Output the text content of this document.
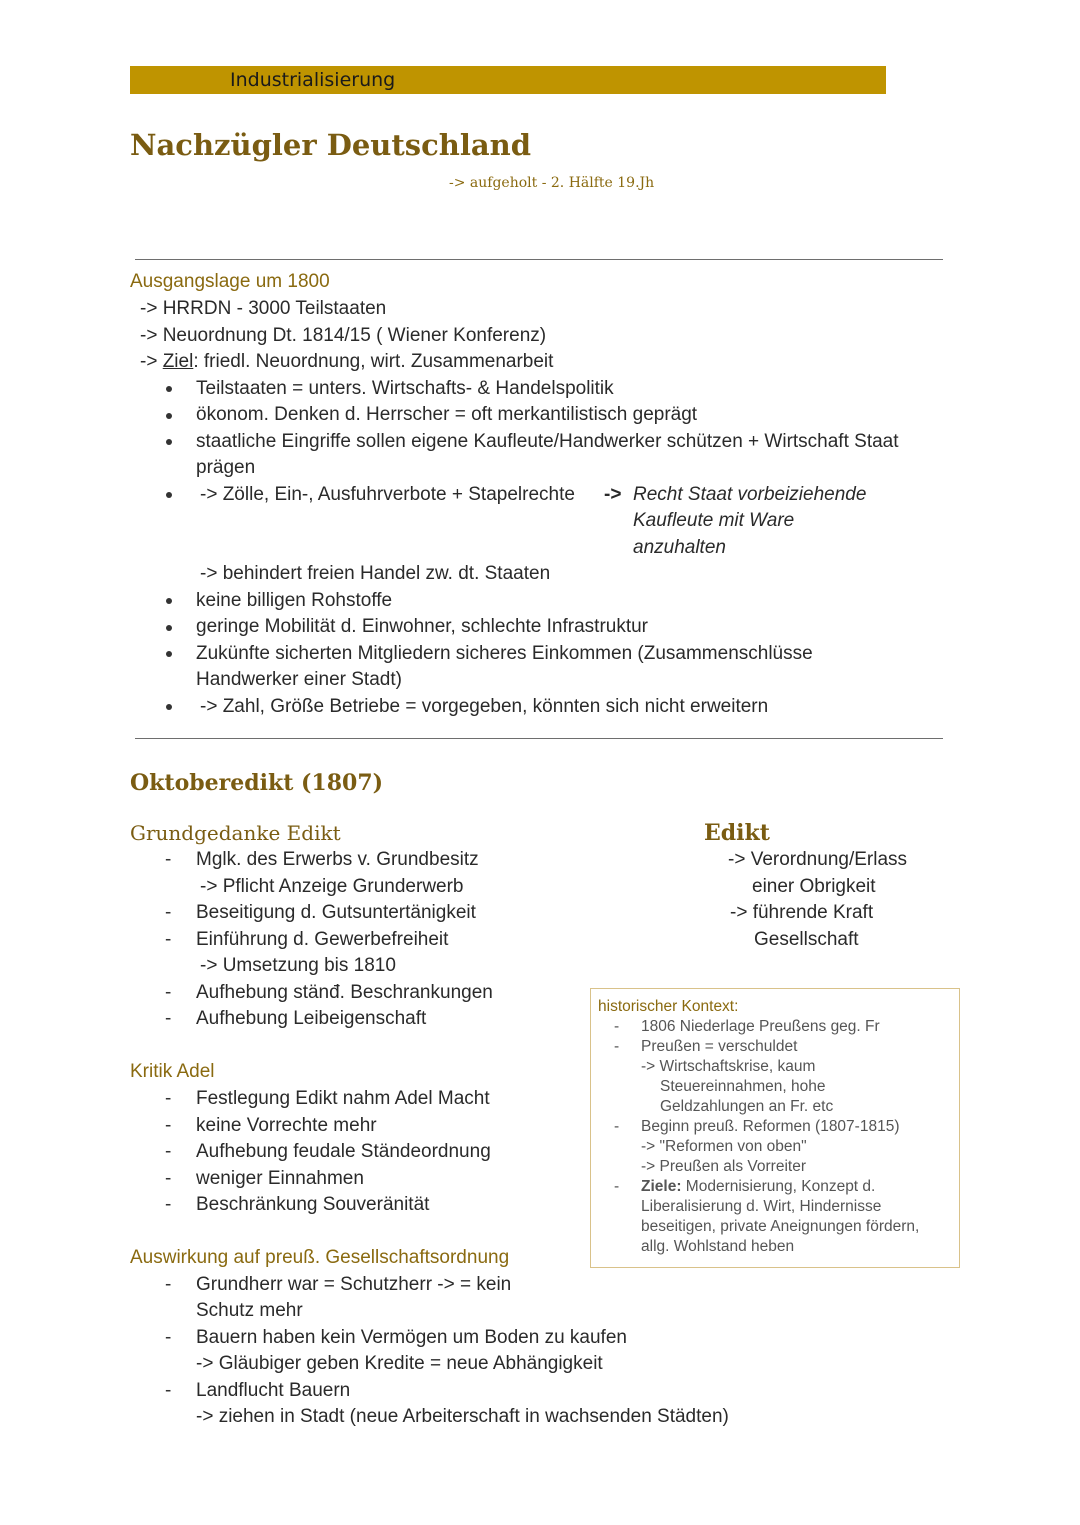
Industrialisierung
Nachzügler Deutschland
-> aufgeholt - 2. Hälfte 19.Jh
Ausgangslage um 1800
-> HRRDN - 3000 Teilstaaten
-> Neuordnung Dt. 1814/15 ( Wiener Konferenz)
-> Ziel: friedl. Neuordnung, wirt. Zusammenarbeit
Teilstaaten = unters. Wirtschafts- & Handelspolitik
ökonom. Denken d. Herrscher = oft merkantilistisch geprägt
staatliche Eingriffe sollen eigene Kaufleute/Handwerker schützen + Wirtschaft Staat
prägen
-> Zölle, Ein-, Ausfuhrverbote + Stapelrechte -> Recht Staat vorbeiziehende
Kaufleute mit Ware
anzuhalten
-> behindert freien Handel zw. dt. Staaten
keine billigen Rohstoffe
geringe Mobilität d. Einwohner, schlechte Infrastruktur
Zukünfte sicherten Mitgliedern sicheres Einkommen (Zusammenschlüsse
Handwerker einer Stadt)
-> Zahl, Größe Betriebe = vorgegeben, könnten sich nicht erweitern
Oktoberedikt (1807)
Grundgedanke Edikt
- Mglk. des Erwerbs v. Grundbesitz
-> Pflicht Anzeige Grunderwerb
- Beseitigung d. Gutsuntertänigkeit
- Einführung d. Gewerbefreiheit
-> Umsetzung bis 1810
- Aufhebung stänđ. Beschrankungen
- Aufhebung Leibeigenschaft
Edikt
-> Verordnung/Erlass
einer Obrigkeit
-> führende Kraft
Gesellschaft
Kritik Adel
- Festlegung Edikt nahm Adel Macht
- keine Vorrechte mehr
- Aufhebung feudale Ständeordnung
- weniger Einnahmen
- Beschränkung Souveränität
Auswirkung auf preuß. Gesellschaftsordnung
- Grundherr war = Schutzherr -> = kein
Schutz mehr
- Bauern haben kein Vermögen um Boden zu kaufen
-> Gläubiger geben Kredite = neue Abhängigkeit
- Landflucht Bauern
-> ziehen in Stadt (neue Arbeiterschaft in wachsenden Städten)
historischer Kontext:
- 1806 Niederlage Preußens geg. Fr
- Preußen = verschuldet
-> Wirtschaftskrise, kaum
Steuereinnahmen, hohe
Geldzahlungen an Fr. etc
- Beginn preuß. Reformen (1807-1815)
-> "Reformen von oben"
-> Preußen als Vorreiter
- Ziele: Modernisierung, Konzept d.
Liberalisierung d. Wirt, Hindernisse
beseitigen, private Aneignungen fördern,
allg. Wohlstand heben
